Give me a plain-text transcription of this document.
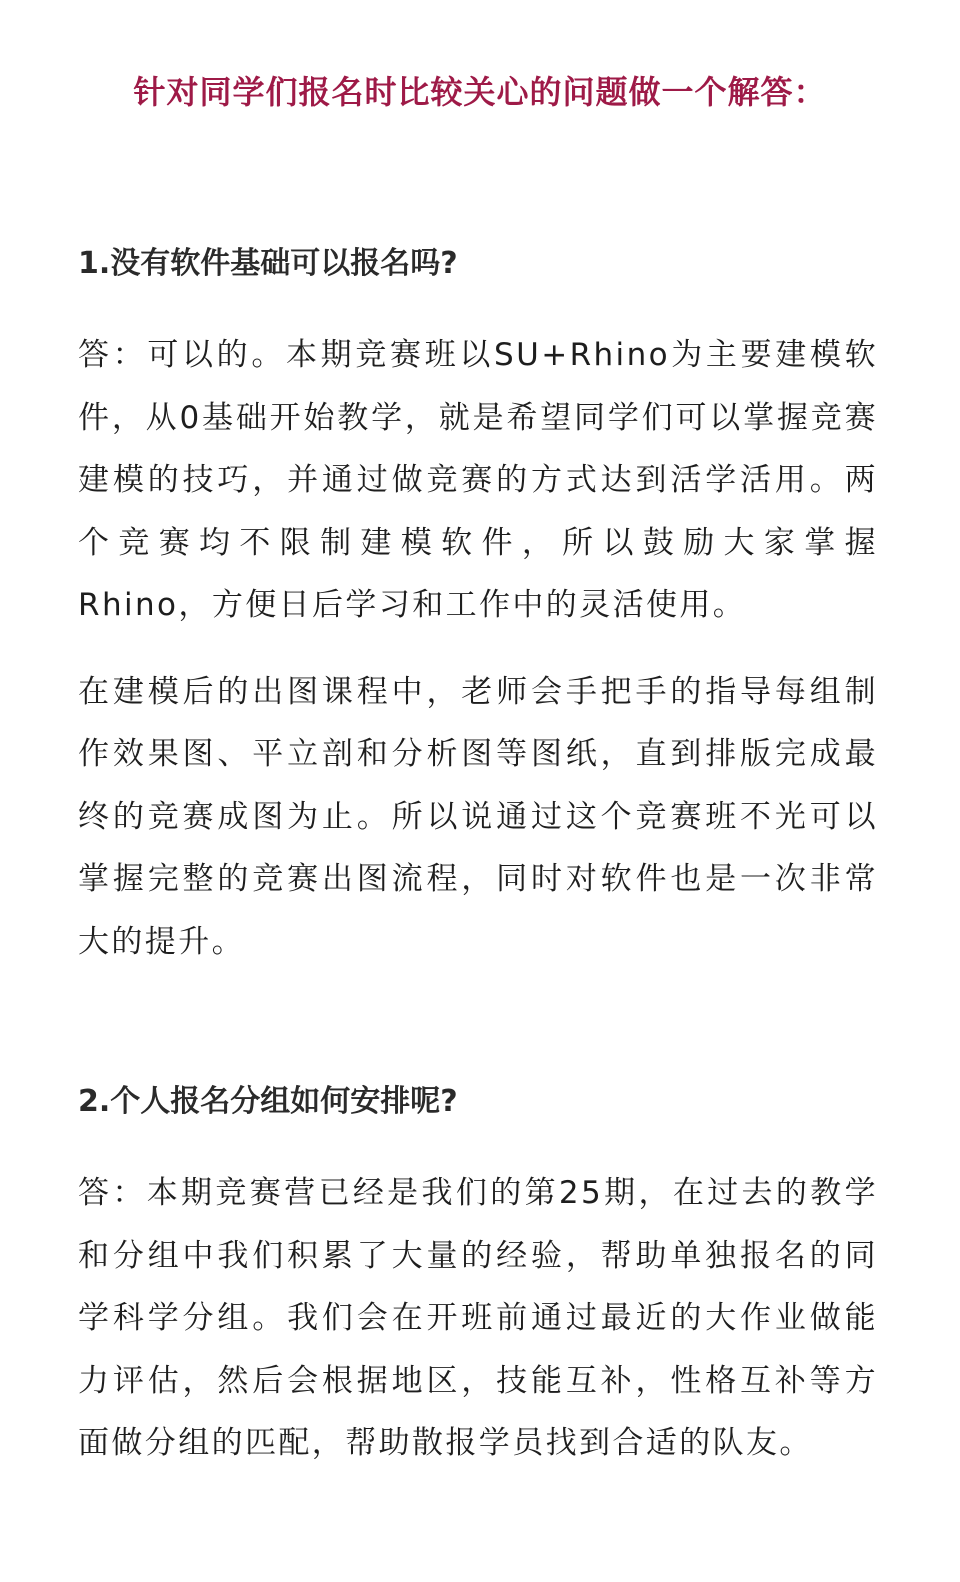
针对同学们报名时比较关心的问题做一个解答：
1.没有软件基础可以报名吗?

答：可以的。本期竞赛班以SU+Rhino为主要建模软件，从0基础开始教学，就是希望同学们可以掌握竞赛建模的技巧，并通过做竞赛的方式达到活学活用。两个竞赛均不限制建模软件，所以鼓励大家掌握Rhino，方便日后学习和工作中的灵活使用。

在建模后的出图课程中，老师会手把手的指导每组制作效果图、平立剖和分析图等图纸，直到排版完成最终的竞赛成图为止。所以说通过这个竞赛班不光可以掌握完整的竞赛出图流程，同时对软件也是一次非常大的提升。

2.个人报名分组如何安排呢?

答：本期竞赛营已经是我们的第25期，在过去的教学和分组中我们积累了大量的经验，帮助单独报名的同学科学分组。我们会在开班前通过最近的大作业做能力评估，然后会根据地区，技能互补，性格互补等方面做分组的匹配，帮助散报学员找到合适的队友。
